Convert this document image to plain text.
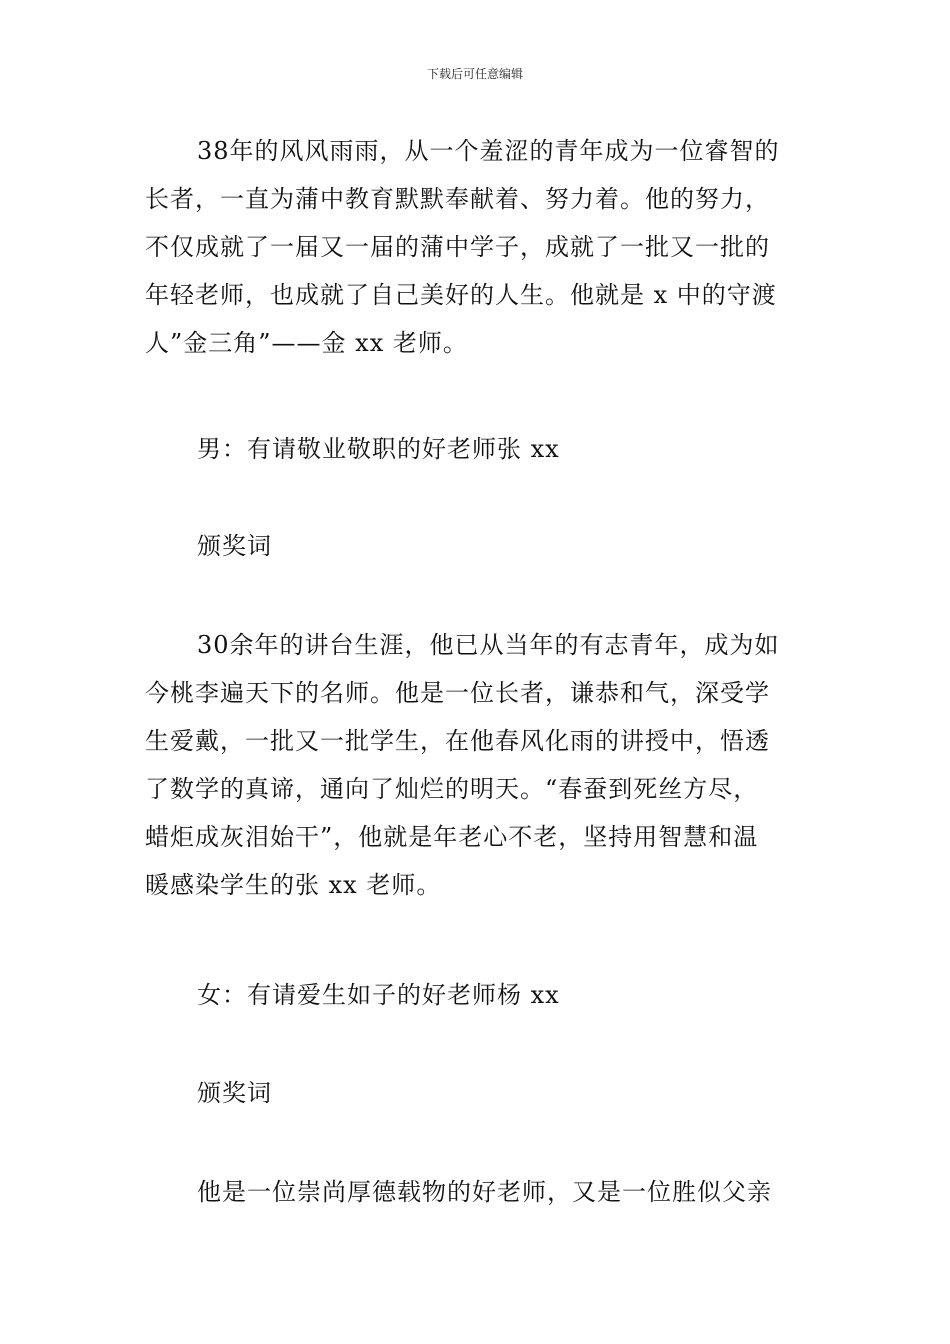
下载后可任意编辑
38年的风风雨雨，从一个羞涩的青年成为一位睿智的
长者，一直为蒲中教育默默奉献着、努力着。他的努力，
不仅成就了一届又一届的蒲中学子，成就了一批又一批的
年轻老师，也成就了自己美好的人生。他就是 x 中的守渡
人”金三角”——金 xx 老师。
男：有请敬业敬职的好老师张 xx
颁奖词
30余年的讲台生涯，他已从当年的有志青年，成为如
今桃李遍天下的名师。他是一位长者，谦恭和气，深受学
生爱戴，一批又一批学生，在他春风化雨的讲授中，悟透
了数学的真谛，通向了灿烂的明天。“春蚕到死丝方尽，
蜡炬成灰泪始干”，他就是年老心不老，坚持用智慧和温
暖感染学生的张 xx 老师。
女：有请爱生如子的好老师杨 xx
颁奖词
他是一位崇尚厚德载物的好老师，又是一位胜似父亲
